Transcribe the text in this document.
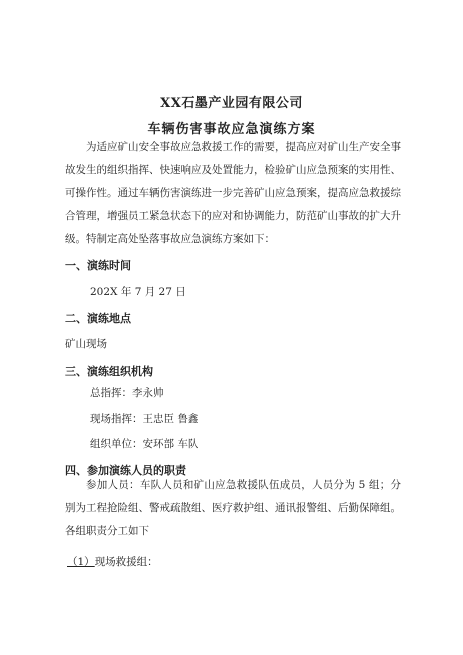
XX石墨产业园有限公司
车辆伤害事故应急演练方案

为适应矿山安全事故应急救援工作的需要，提高应对矿山生产安全事故发生的组织指挥、快速响应及处置能力，检验矿山应急预案的实用性、可操作性。通过车辆伤害演练进一步完善矿山应急预案，提高应急救援综合管理，增强员工紧急状态下的应对和协调能力，防范矿山事故的扩大升级。特制定高处坠落事故应急演练方案如下：

一、演练时间
202X 年 7 月 27 日
二、演练地点
矿山现场
三、演练组织机构
总指挥：李永帅
现场指挥：王忠臣 鲁鑫
组织单位：安环部 车队
四、参加演练人员的职责

参加人员：车队人员和矿山应急救援队伍成员，人员分为 5 组；分别为工程抢险组、警戒疏散组、医疗救护组、通讯报警组、后勤保障组。各组职责分工如下

（1）现场救援组：
